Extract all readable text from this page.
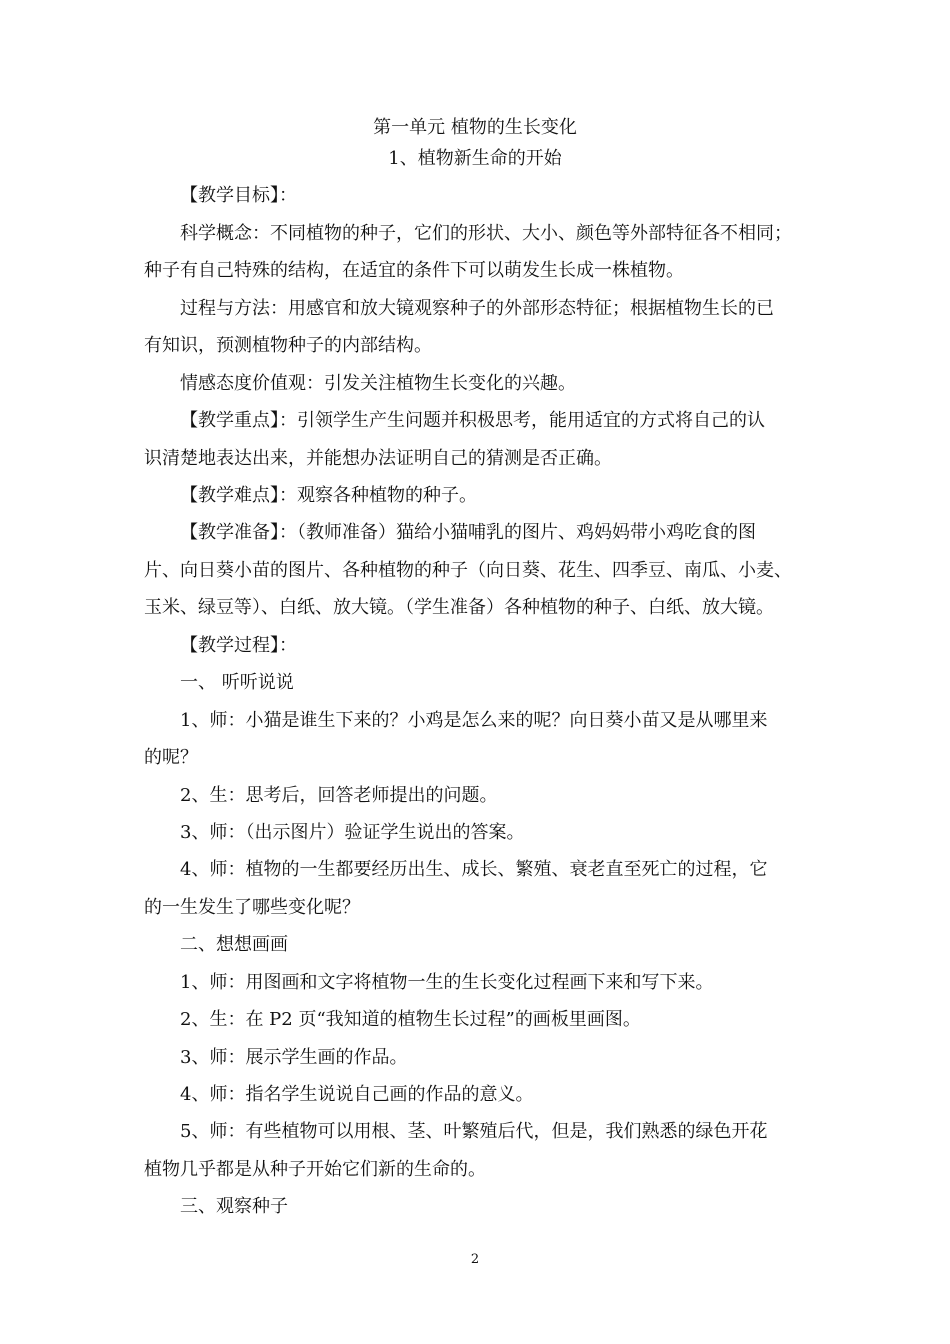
第一单元 植物的生长变化
1、植物新生命的开始
【教学目标】：
科学概念：不同植物的种子，它们的形状、大小、颜色等外部特征各不相同；
种子有自己特殊的结构，在适宜的条件下可以萌发生长成一株植物。
过程与方法：用感官和放大镜观察种子的外部形态特征；根据植物生长的已
有知识，预测植物种子的内部结构。
情感态度价值观：引发关注植物生长变化的兴趣。
【教学重点】：引领学生产生问题并积极思考，能用适宜的方式将自己的认
识清楚地表达出来，并能想办法证明自己的猜测是否正确。
【教学难点】：观察各种植物的种子。
【教学准备】：（教师准备）猫给小猫哺乳的图片、鸡妈妈带小鸡吃食的图
片、向日葵小苗的图片、各种植物的种子（向日葵、花生、四季豆、南瓜、小麦、
玉米、绿豆等）、白纸、放大镜。（学生准备）各种植物的种子、白纸、放大镜。
【教学过程】：
一、 听听说说
1、师：小猫是谁生下来的？小鸡是怎么来的呢？向日葵小苗又是从哪里来
的呢？
2、生：思考后，回答老师提出的问题。
3、师：（出示图片）验证学生说出的答案。
4、师：植物的一生都要经历出生、成长、繁殖、衰老直至死亡的过程，它
的一生发生了哪些变化呢？
二、想想画画
1、师：用图画和文字将植物一生的生长变化过程画下来和写下来。
2、生：在 P2 页“我知道的植物生长过程”的画板里画图。
3、师：展示学生画的作品。
4、师：指名学生说说自己画的作品的意义。
5、师：有些植物可以用根、茎、叶繁殖后代，但是，我们熟悉的绿色开花
植物几乎都是从种子开始它们新的生命的。
三、观察种子
2
